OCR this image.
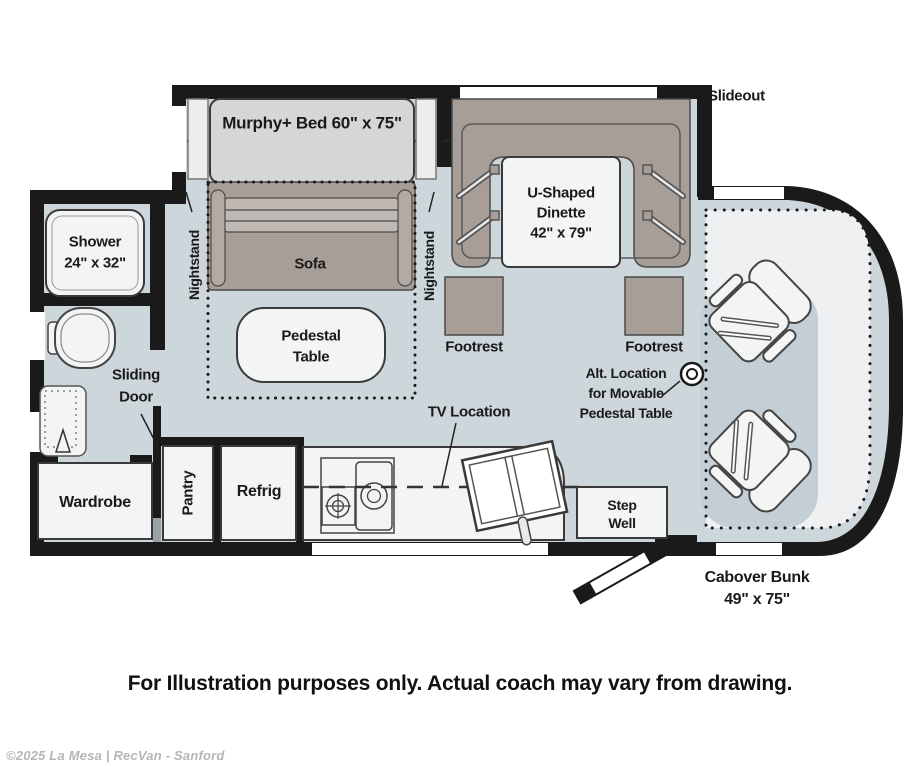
Murphy+ Bed 60" x 75"
Sofa
Nightstand	Nightstand
Slideout
U-Shaped
Dinette
42" x 79"
Footrest	Footrest
Shower
24" x 32"
Sliding
Door
Pedestal
Table
Wardrobe	Pantry	Refrig
TV Location
Alt. Location
for Movable
Pedestal Table
Step
Well
Cabover Bunk
49" x 75"
For Illustration purposes only. Actual coach may vary from drawing.
©2025 La Mesa | RecVan - Sanford
